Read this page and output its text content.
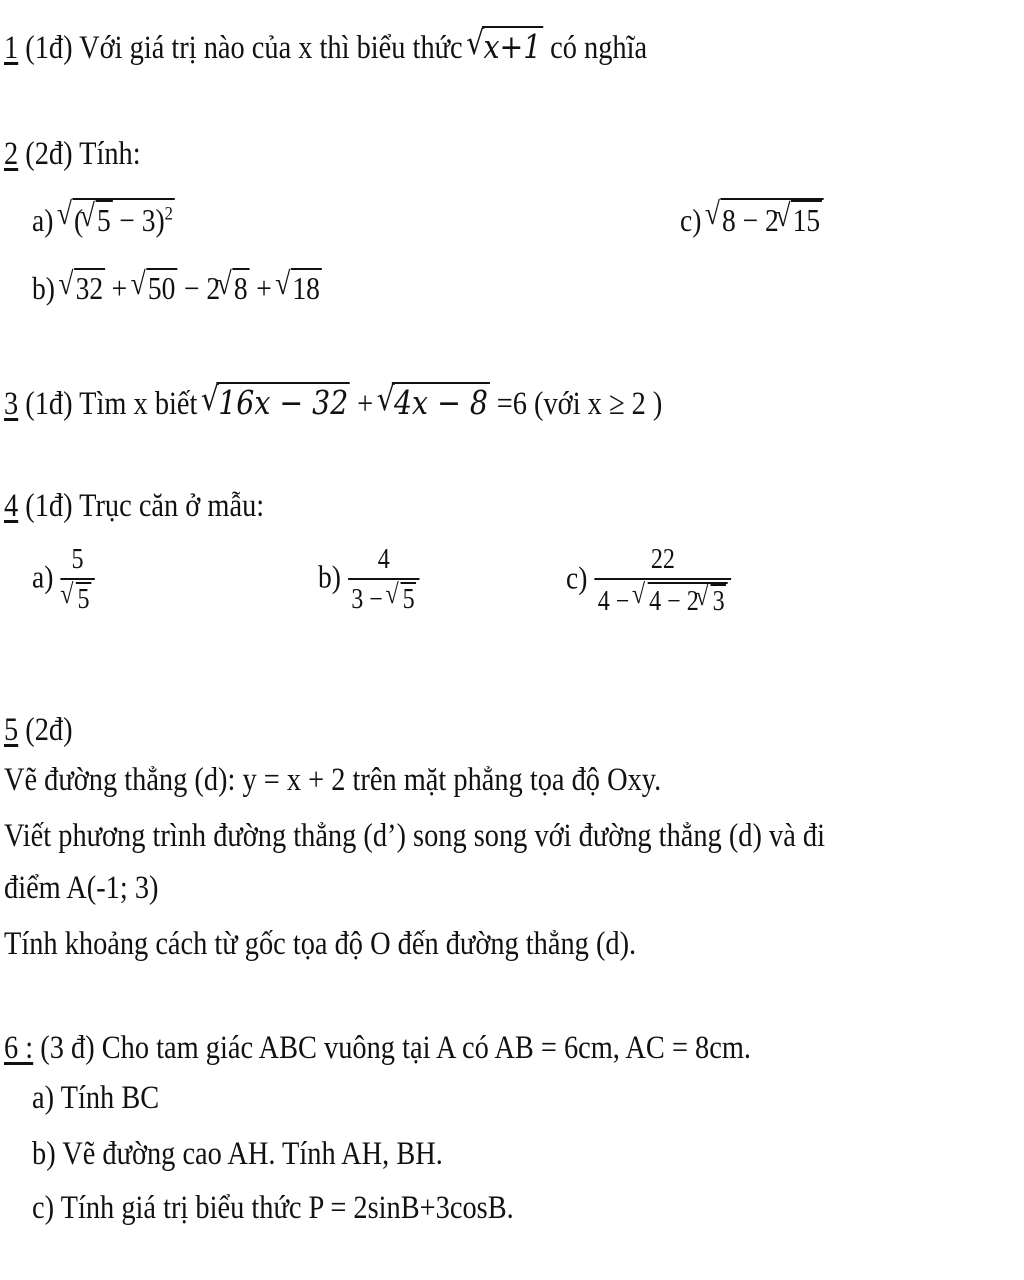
1 (1đ) Với giá trị nào của x thì biểu thức √ x+1 có nghĩa
2 (2đ) Tính:
a) √ ( √ 5 − 3)$^2$	c) √ 8 − 2 √ 15
b) √ 32 + √ 50 − 2 √ 8 + √ 18
3 (1đ) Tìm x biết √ 16x − 32 + √ 4x − 8 =6 (với x ≥ 2 )
4 (1đ) Trục căn ở mẫu:
a) 5
√ 5	$b) \frac{4}{3 - √ 5}$	$c) \frac{22}{4 - √ 4 - 2 √ 3}$
5 (2đ)
Vẽ đường thẳng (d): y = x + 2 trên mặt phẳng tọa độ Oxy.
Viết phương trình đường thẳng (d’) song song với đường thẳng (d) và đi
điểm A(-1; 3)
Tính khoảng cách từ gốc tọa độ O đến đường thẳng (d).
6 : (3 đ) Cho tam giác ABC vuông tại A có AB = 6cm, AC = 8cm.
a) Tính BC
b) Vẽ đường cao AH. Tính AH, BH.
c) Tính giá trị biểu thức P = 2sinB+3cosB.
